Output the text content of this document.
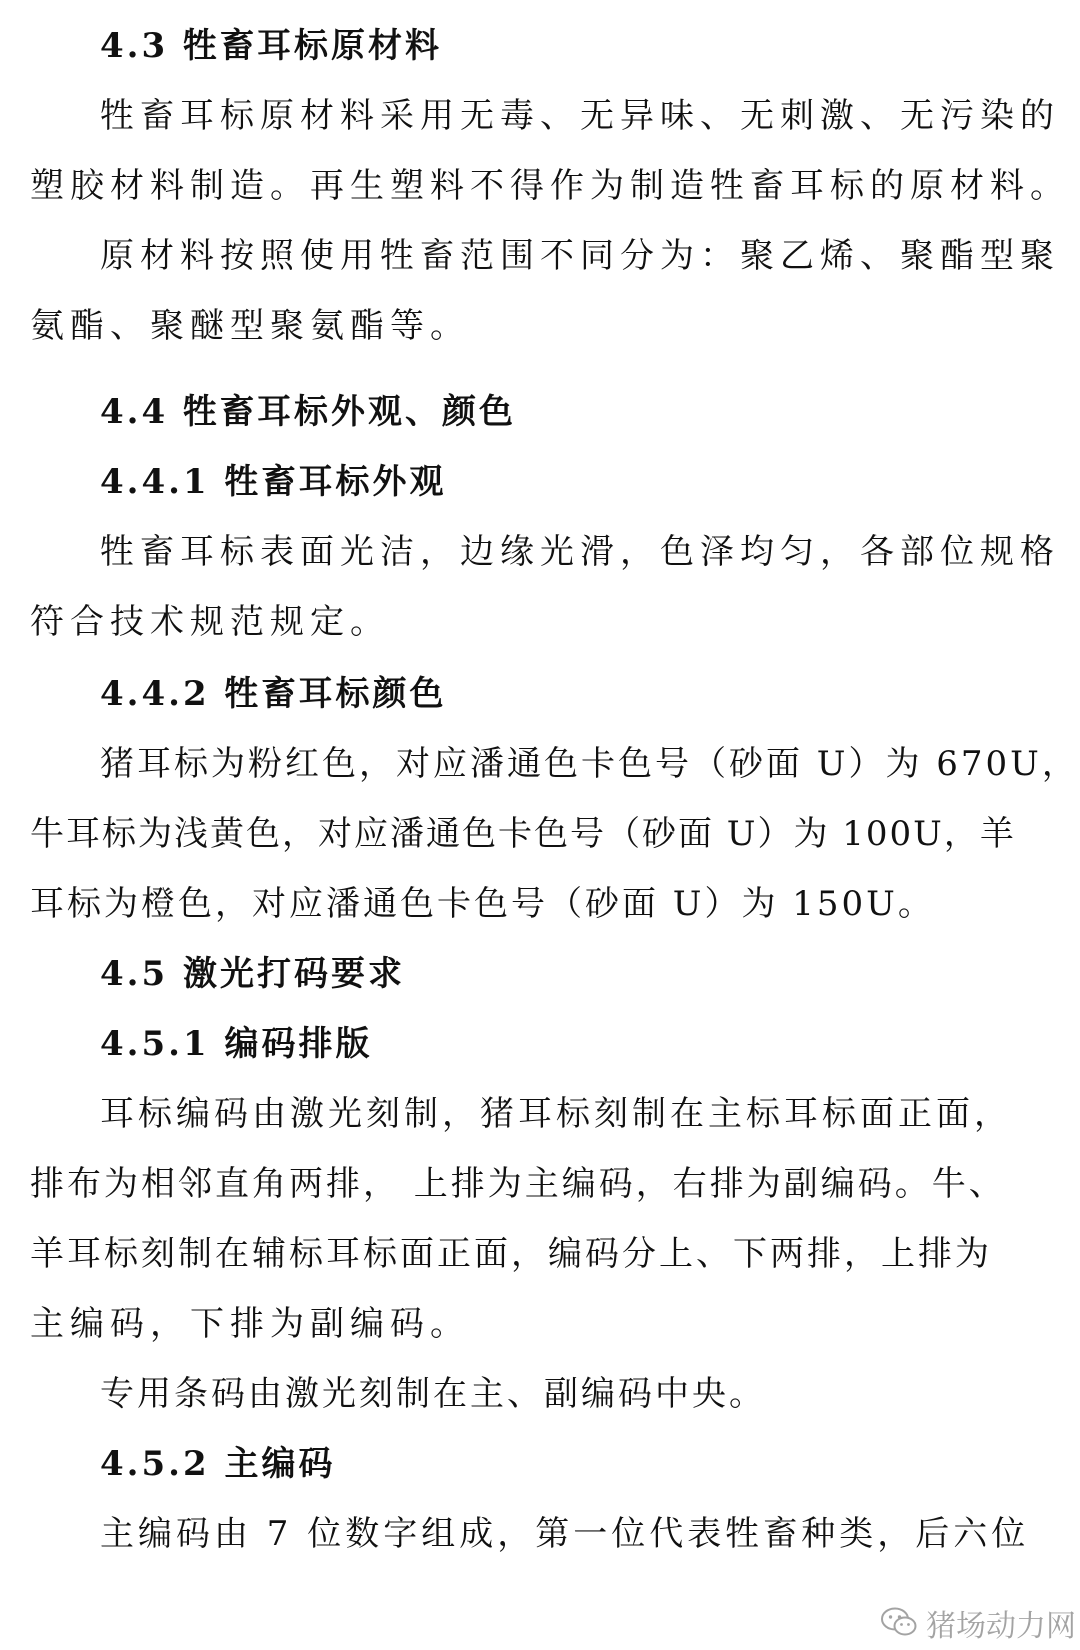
4.3 牲畜耳标原材料
牲畜耳标原材料采用无毒、无异味、无刺激、无污染的
塑胶材料制造。再生塑料不得作为制造牲畜耳标的原材料。
原材料按照使用牲畜范围不同分为：聚乙烯、聚酯型聚
氨酯、聚醚型聚氨酯等。
4.4 牲畜耳标外观、颜色
4.4.1 牲畜耳标外观
牲畜耳标表面光洁，边缘光滑，色泽均匀，各部位规格
符合技术规范规定。
4.4.2 牲畜耳标颜色
猪耳标为粉红色，对应潘通色卡色号（砂面 U）为 670U，
牛耳标为浅黄色，对应潘通色卡色号（砂面 U）为 100U，羊
耳标为橙色，对应潘通色卡色号（砂面 U）为 150U。
4.5 激光打码要求
4.5.1 编码排版
耳标编码由激光刻制，猪耳标刻制在主标耳标面正面，
排布为相邻直角两排， 上排为主编码，右排为副编码。牛、
羊耳标刻制在辅标耳标面正面，编码分上、下两排，上排为
主编码，下排为副编码。
专用条码由激光刻制在主、副编码中央。
4.5.2 主编码
主编码由 7 位数字组成，第一位代表牲畜种类，后六位
猪场动力网
